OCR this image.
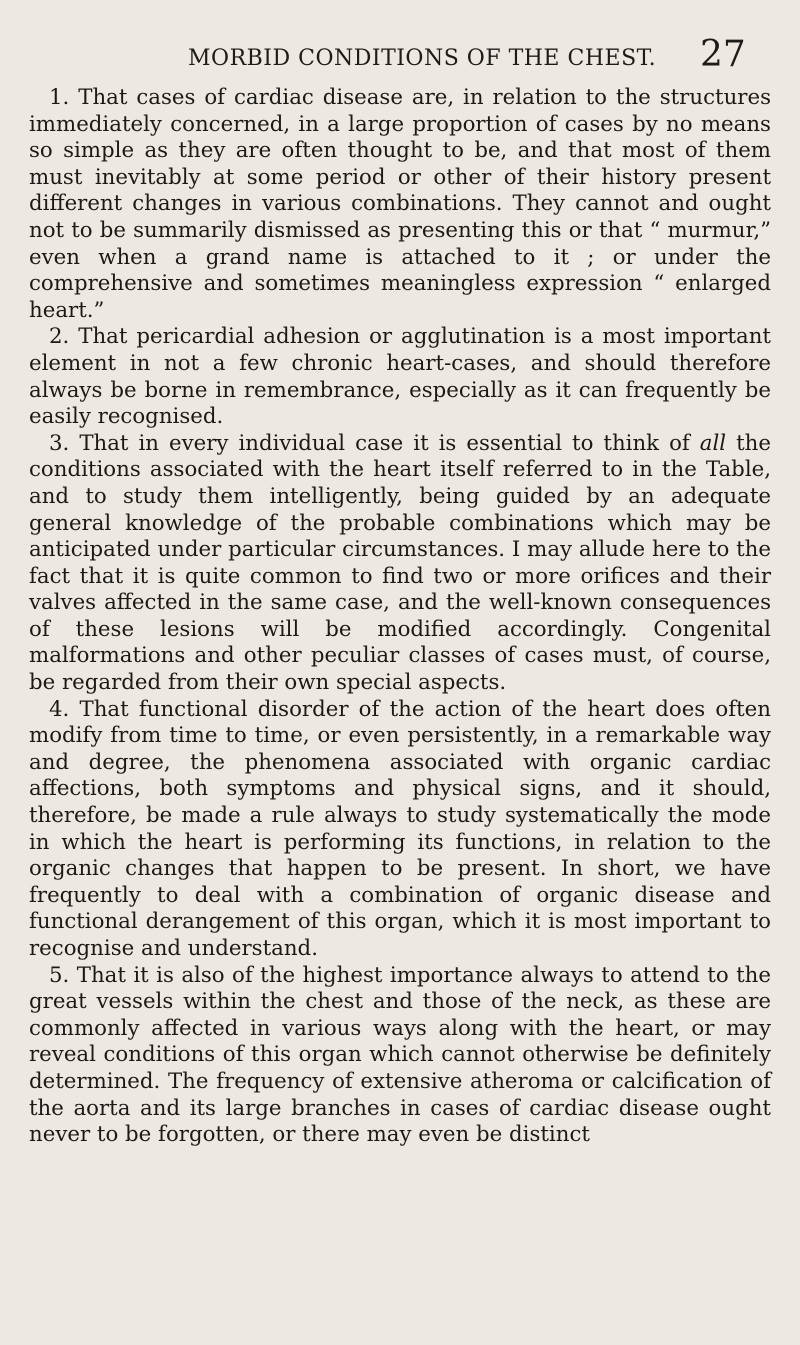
MORBID CONDITIONS OF THE CHEST. 27

1. That cases of cardiac disease are, in relation to the structures immediately concerned, in a large proportion of cases by no means so simple as they are often thought to be, and that most of them must inevitably at some period or other of their history present different changes in various combinations. They cannot and ought not to be summarily dismissed as presenting this or that “ murmur,” even when a grand name is attached to it ; or under the comprehensive and sometimes meaningless expression “ enlarged heart.”

2. That pericardial adhesion or agglutination is a most important element in not a few chronic heart-cases, and should therefore always be borne in remembrance, especially as it can frequently be easily recognised.

3. That in every individual case it is essential to think of all the conditions associated with the heart itself referred to in the Table, and to study them intelligently, being guided by an adequate general knowledge of the probable combinations which may be anticipated under particular circumstances. I may allude here to the fact that it is quite common to find two or more orifices and their valves affected in the same case, and the well-known consequences of these lesions will be modified accordingly. Congenital malformations and other peculiar classes of cases must, of course, be regarded from their own special aspects.

4. That functional disorder of the action of the heart does often modify from time to time, or even persistently, in a remarkable way and degree, the phenomena associated with organic cardiac affections, both symptoms and physical signs, and it should, therefore, be made a rule always to study systematically the mode in which the heart is performing its functions, in relation to the organic changes that happen to be present. In short, we have frequently to deal with a combination of organic disease and functional derangement of this organ, which it is most important to recognise and understand.

5. That it is also of the highest importance always to attend to the great vessels within the chest and those of the neck, as these are commonly affected in various ways along with the heart, or may reveal conditions of this organ which cannot otherwise be definitely determined. The frequency of extensive atheroma or calcification of the aorta and its large branches in cases of cardiac disease ought never to be forgotten, or there may even be distinct
